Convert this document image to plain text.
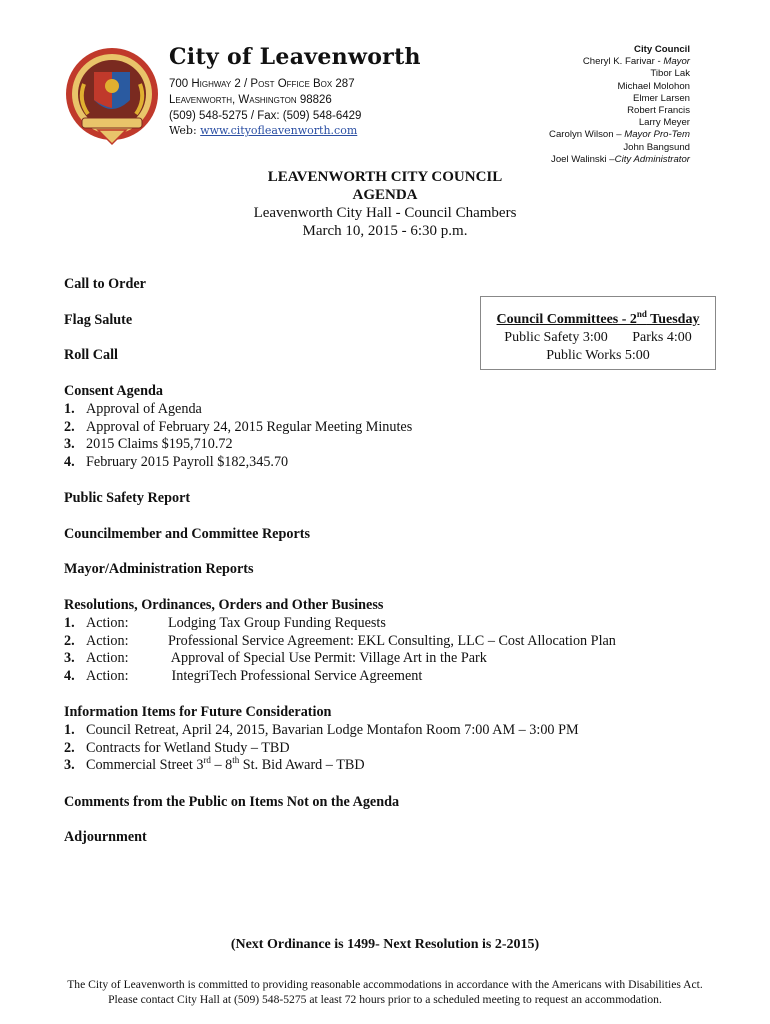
City of Leavenworth
700 Highway 2 / Post Office Box 287
Leavenworth, Washington 98826
(509) 548-5275 / Fax: (509) 548-6429
Web: www.cityofleavenworth.com
City Council
Cheryl K. Farivar - Mayor
Tibor Lak
Michael Molohon
Elmer Larsen
Robert Francis
Larry Meyer
Carolyn Wilson – Mayor Pro-Tem
John Bangsund
Joel Walinski –City Administrator
LEAVENWORTH CITY COUNCIL
AGENDA
Leavenworth City Hall - Council Chambers
March 10, 2015 - 6:30 p.m.
Council Committees - 2nd Tuesday
Public Safety 3:00       Parks 4:00
Public Works 5:00
Call to Order
Flag Salute
Roll Call
Consent Agenda
1. Approval of Agenda
2. Approval of February 24, 2015 Regular Meeting Minutes
3. 2015 Claims $195,710.72
4. February 2015 Payroll $182,345.70
Public Safety Report
Councilmember and Committee Reports
Mayor/Administration Reports
Resolutions, Ordinances, Orders and Other Business
1. Action:	Lodging Tax Group Funding Requests
2. Action:	Professional Service Agreement: EKL Consulting, LLC – Cost Allocation Plan
3. Action:	Approval of Special Use Permit: Village Art in the Park
4. Action:	IntegriTech Professional Service Agreement
Information Items for Future Consideration
1. Council Retreat, April 24, 2015, Bavarian Lodge Montafon Room 7:00 AM – 3:00 PM
2. Contracts for Wetland Study – TBD
3. Commercial Street 3rd – 8th St. Bid Award – TBD
Comments from the Public on Items Not on the Agenda
Adjournment
(Next Ordinance is 1499- Next Resolution is 2-2015)
The City of Leavenworth is committed to providing reasonable accommodations in accordance with the Americans with Disabilities Act.
Please contact City Hall at (509) 548-5275 at least 72 hours prior to a scheduled meeting to request an accommodation.
